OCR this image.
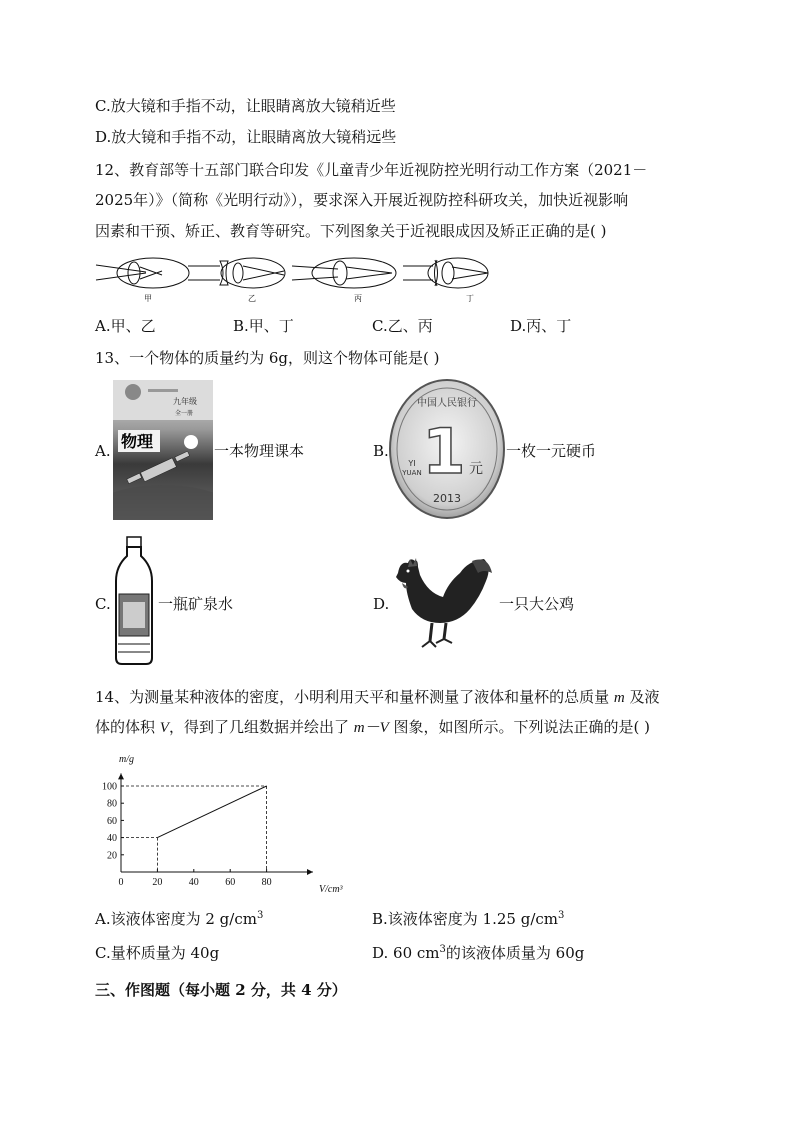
C.放大镜和手指不动，让眼睛离放大镜稍近些
D.放大镜和手指不动，让眼睛离放大镜稍远些
12、教育部等十五部门联合印发《儿童青少年近视防控光明行动工作方案（2021－
2025年）》（简称《光明行动》），要求深入开展近视防控科研攻关，加快近视影响
因素和干预、矫正、教育等研究。下列图象关于近视眼成因及矫正正确的是( )
甲	乙	丙	丁
A.甲、乙	B.甲、丁	C.乙、丙	D.丙、丁
13、一个物体的质量约为 6g，则这个物体可能是( )
A.
九年级
全一册
物理	一本物理课本	B.
中国人民银行
1
YI
YUAN	元
2013
一枚一元硬币
C.	一瓶矿泉水	D.	一只大公鸡
14、为测量某种液体的密度，小明利用天平和量杯测量了液体和量杯的总质量 m 及液
体的体积 V，得到了几组数据并绘出了 m－V 图象，如图所示。下列说法正确的是( )
0	20	40	60	80
20
40
60
80
100
m/g
V/cm³
A.该液体密度为 2 $g/cm^3$	B.该液体密度为 1.25 $g/cm^3$
C.量杯质量为 40g	D. 60 $cm^3$的该液体质量为 60g
三、作图题（每小题 2 分，共 4 分）
